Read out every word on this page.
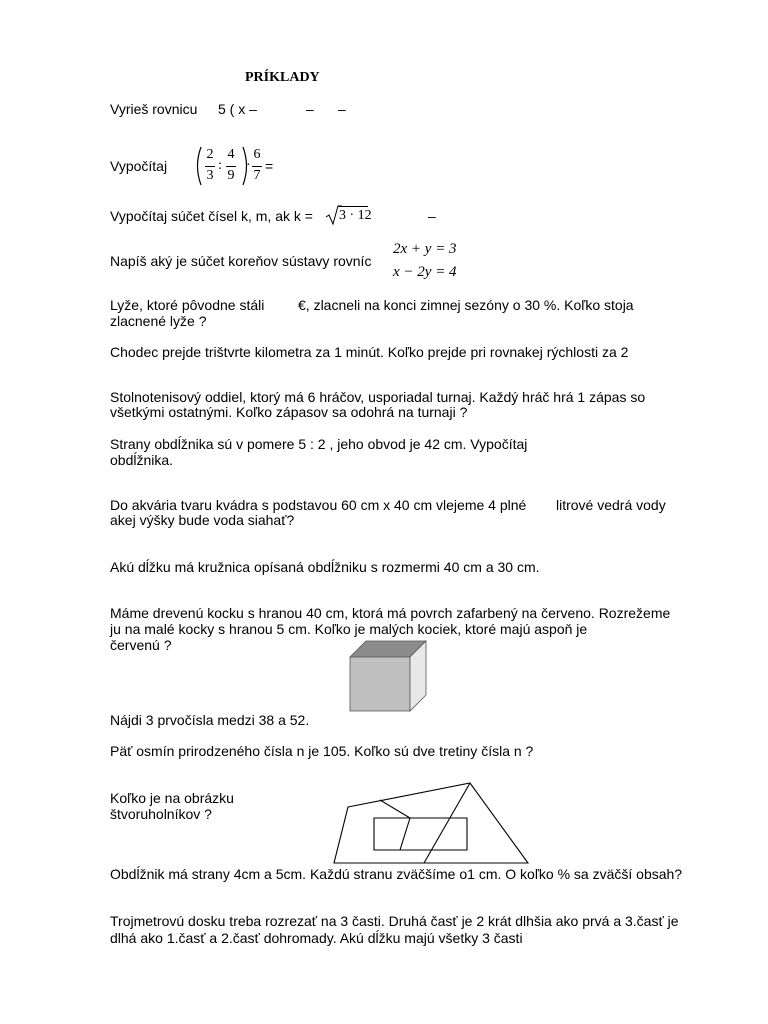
PRÍKLADY
Vyrieš rovnicu 5 ( x –	– –
Vypočítaj
2
3
:
4
9
·
6
7
=
Vypočítaj súčet čísel k, m, ak k = 3 · 12	–
Napíš aký je súčet koreňov sústavy rovníc
2x + y = 3
x − 2y = 4
Lyže, ktoré pôvodne stáli €, zlacneli na konci zimnej sezóny o 30 %. Koľko stoja
zlacnené lyže ?
Chodec prejde trištvrte kilometra za 1 minút. Koľko prejde pri rovnakej rýchlosti za 2
Stolnotenisový oddiel, ktorý má 6 hráčov, usporiadal turnaj. Každý hráč hrá 1 zápas so
všetkými ostatnými. Koľko zápasov sa odohrá na turnaji ?
Strany obdĺžnika sú v pomere 5 : 2 , jeho obvod je 42 cm. Vypočítaj
obdĺžnika.
Do akvária tvaru kvádra s podstavou 60 cm x 40 cm vlejeme 4 plné litrové vedrá vody
akej výšky bude voda siahať?
Akú dĺžku má kružnica opísaná obdĺžniku s rozmermi 40 cm a 30 cm.
Máme drevenú kocku s hranou 40 cm, ktorá má povrch zafarbený na červeno. Rozrežeme
ju na malé kocky s hranou 5 cm. Koľko je malých kociek, ktoré majú aspoň je
červenú ?
Nájdi 3 prvočísla medzi 38 a 52.
Päť osmín prirodzeného čísla n je 105. Koľko sú dve tretiny čísla n ?
Koľko je na obrázku
štvoruholníkov ?
Obdĺžnik má strany 4cm a 5cm. Každú stranu zväčšíme o1 cm. O koľko % sa zväčší obsah?
Trojmetrovú dosku treba rozrezať na 3 časti. Druhá časť je 2 krát dlhšia ako prvá a 3.časť je
dlhá ako 1.časť a 2.časť dohromady. Akú dĺžku majú všetky 3 časti
